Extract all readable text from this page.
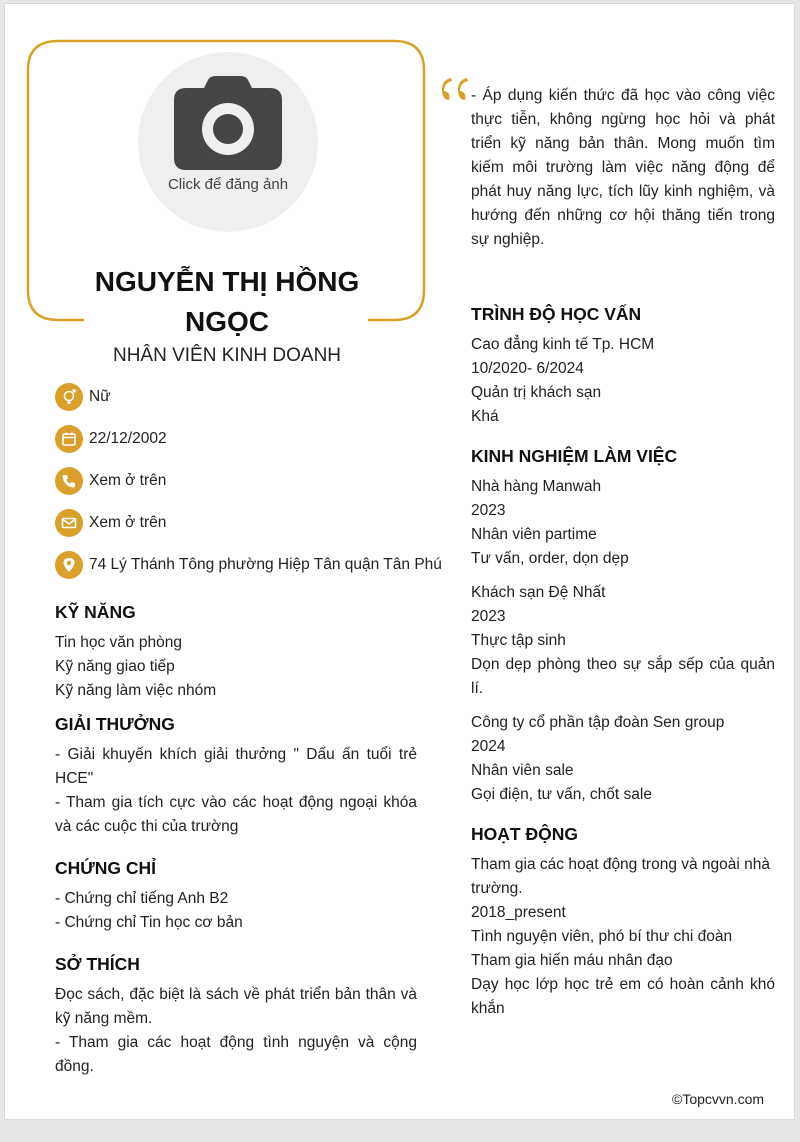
Click để đăng ảnh
NGUYỄN THỊ HỒNG
NGỌC
NHÂN VIÊN KINH DOANH
Nữ
22/12/2002
Xem ở trên
Xem ở trên
74 Lý Thánh Tông phường Hiệp Tân quận Tân Phú
KỸ NĂNG
Tin học văn phòng
Kỹ năng giao tiếp
Kỹ năng làm việc nhóm
GIẢI THƯỞNG
- Giải khuyến khích giải thưởng " Dấu ấn tuổi trẻ HCE"
- Tham gia tích cực vào các hoạt động ngoại khóa và các cuộc thi của trường
CHỨNG CHỈ
- Chứng chỉ tiếng Anh B2
- Chứng chỉ Tin học cơ bản
SỞ THÍCH
Đọc sách, đặc biệt là sách về phát triển bản thân và kỹ năng mềm.
- Tham gia các hoạt động tình nguyện và cộng đồng.
- Áp dụng kiến thức đã học vào công việc thực tiễn, không ngừng học hỏi và phát triển kỹ năng bản thân. Mong muốn tìm kiếm môi trường làm việc năng động để phát huy năng lực, tích lũy kinh nghiệm, và hướng đến những cơ hội thăng tiến trong sự nghiệp.
TRÌNH ĐỘ HỌC VẤN
Cao đẳng kinh tế Tp. HCM
10/2020- 6/2024
Quản trị khách sạn
Khá
KINH NGHIỆM LÀM VIỆC
Nhà hàng Manwah
2023
Nhân viên partime
Tư vấn, order, dọn dẹp
Khách sạn Đệ Nhất
2023
Thực tập sinh
Dọn dẹp phòng theo sự sắp sếp của quản lí.
Công ty cổ phần tập đoàn Sen group
2024
Nhân viên sale
Gọi điện, tư vấn, chốt sale
HOẠT ĐỘNG
Tham gia các hoạt động trong và ngoài nhà trường.
2018_present
Tình nguyện viên, phó bí thư chi đoàn
Tham gia hiến máu nhân đạo
Dạy học lớp học trẻ em có hoàn cảnh khó khắn
©Topcvvn.com
